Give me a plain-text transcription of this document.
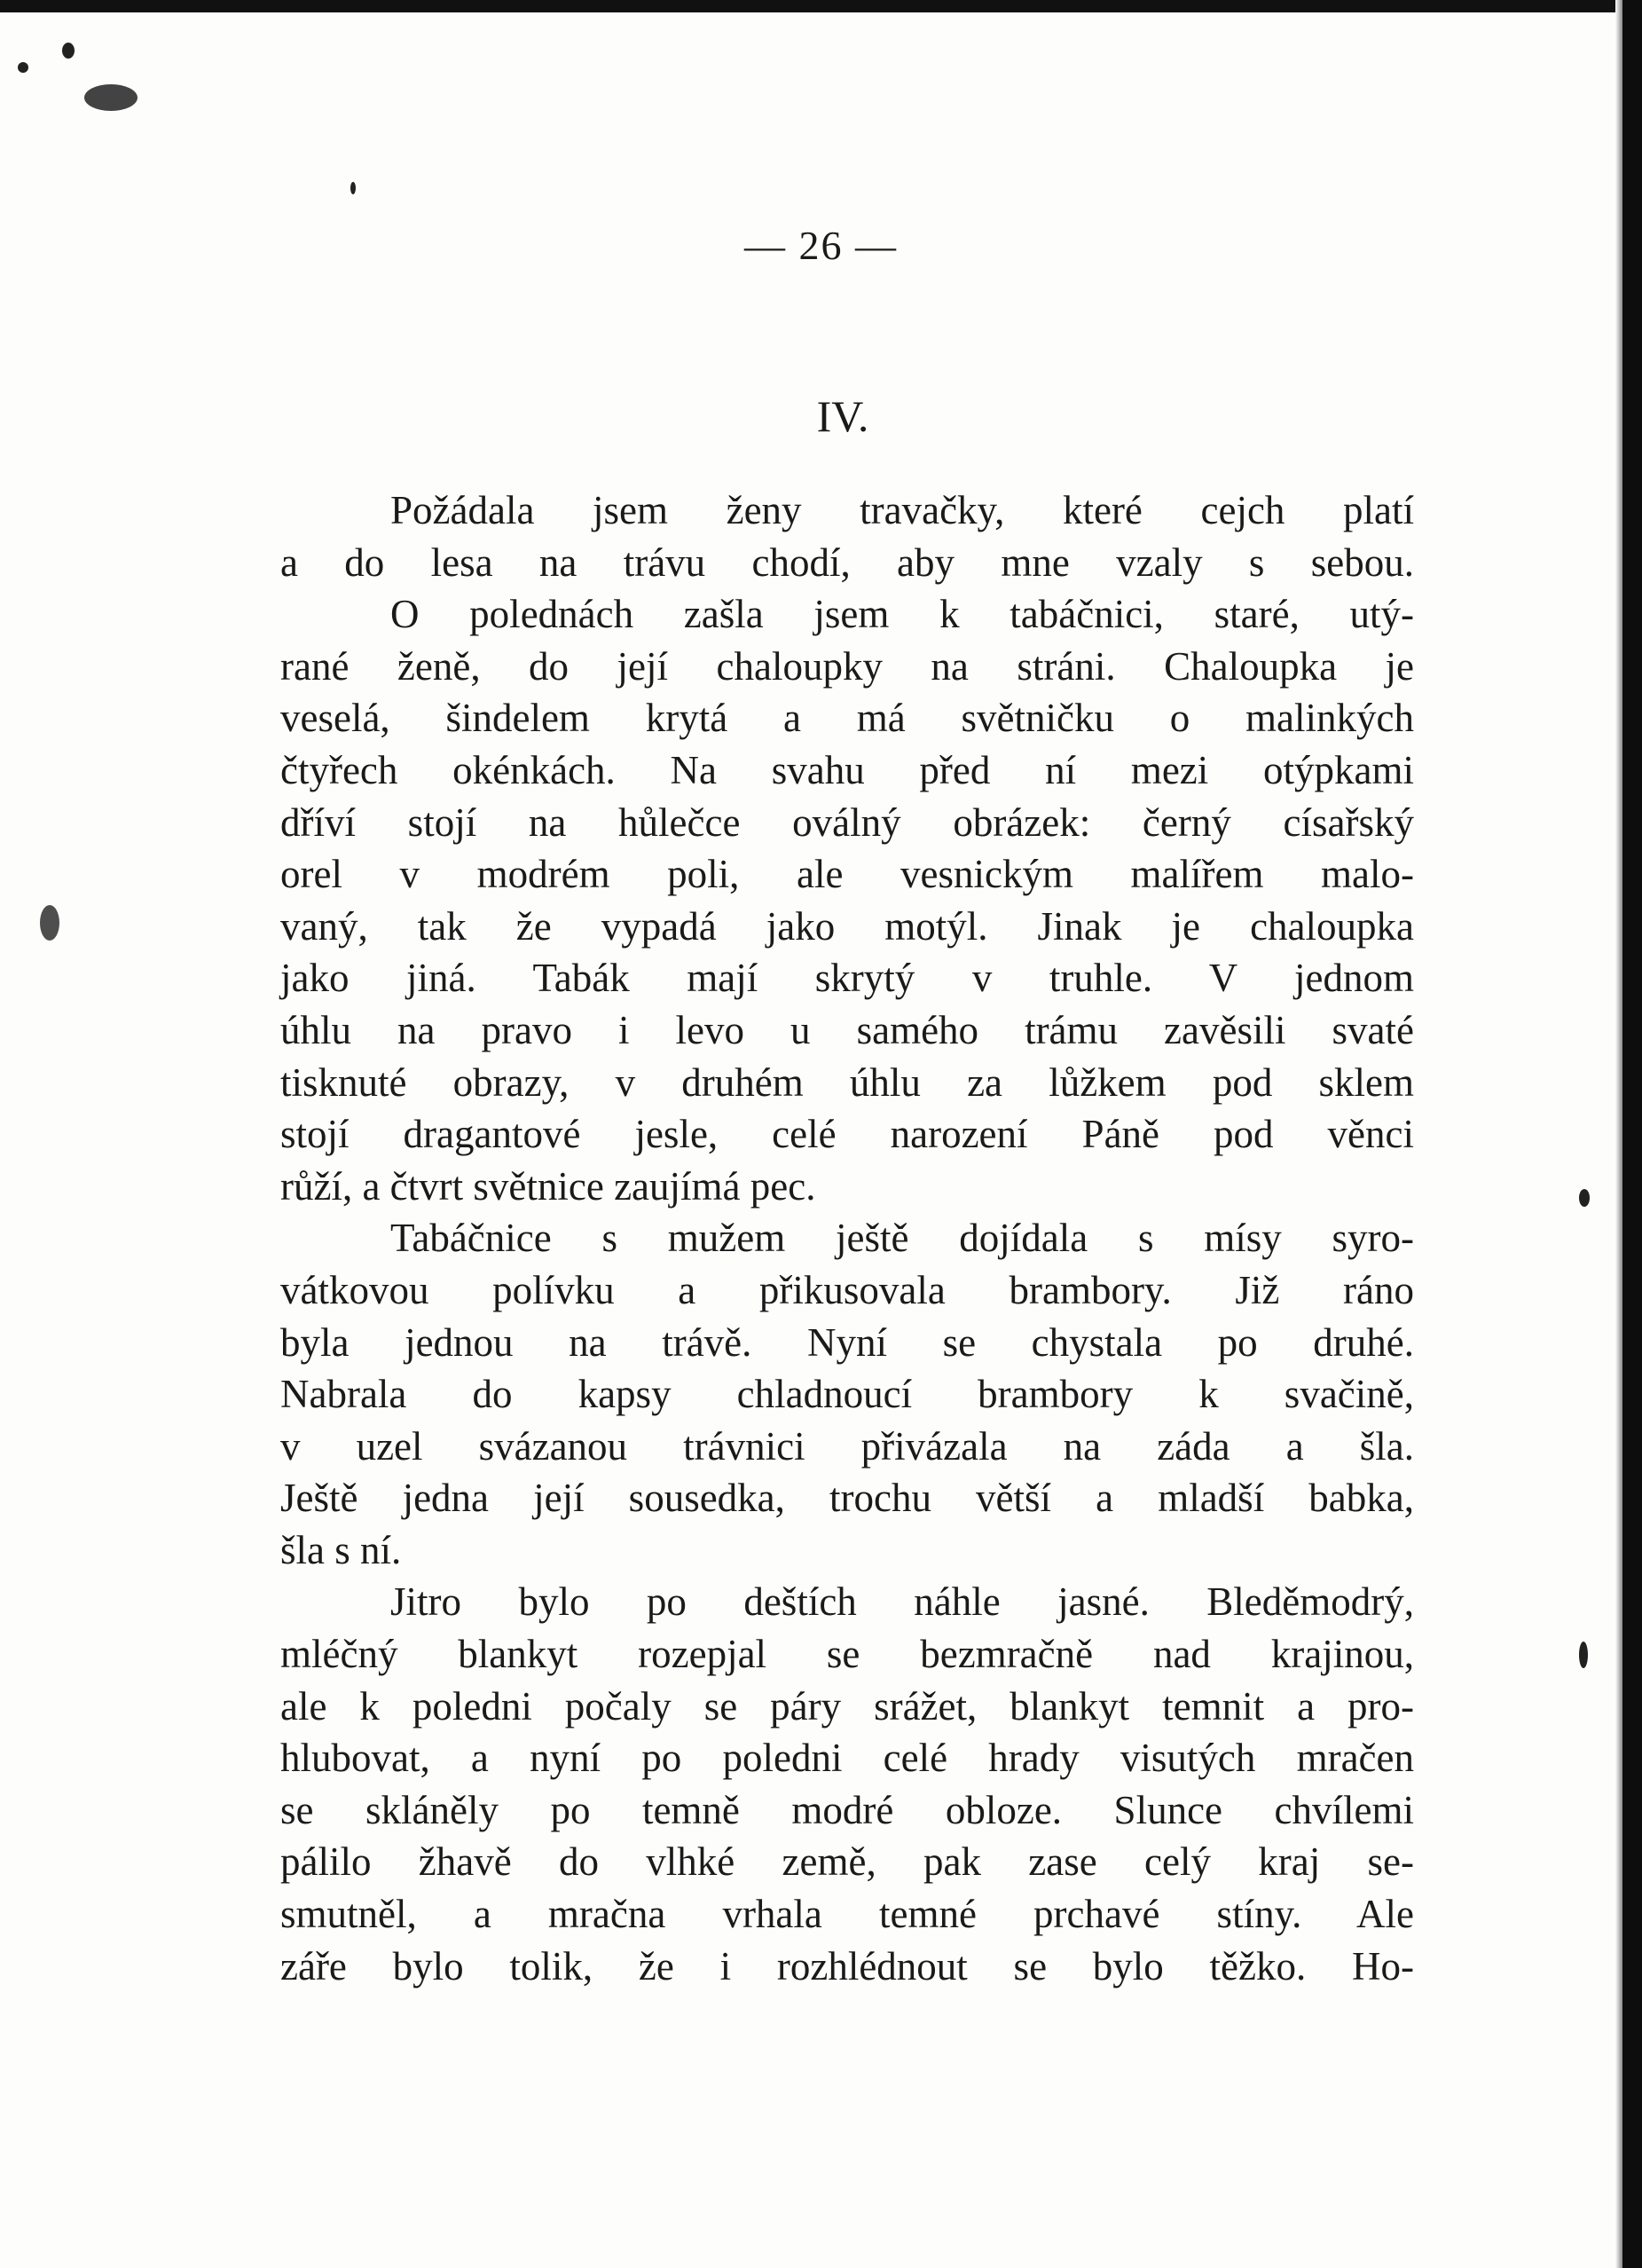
— 26 —

IV.

Požádala jsem ženy travačky, které cejch platí
a do lesa na trávu chodí, aby mne vzaly s sebou.
O polednách zašla jsem k tabáčnici, staré, utý-
rané ženě, do její chaloupky na stráni. Chaloupka je
veselá, šindelem krytá a má světničku o malinkých
čtyřech okénkách. Na svahu před ní mezi otýpkami
dříví stojí na hůlečce oválný obrázek: černý císařský
orel v modrém poli, ale vesnickým malířem malo-
vaný, tak že vypadá jako motýl. Jinak je chaloupka
jako jiná. Tabák mají skrytý v truhle. V jednom
úhlu na pravo i levo u samého trámu zavěsili svaté
tisknuté obrazy, v druhém úhlu za lůžkem pod sklem
stojí dragantové jesle, celé narození Páně pod věnci
růží, a čtvrt světnice zaujímá pec.
Tabáčnice s mužem ještě dojídala s mísy syro-
vátkovou polívku a přikusovala brambory. Již ráno
byla jednou na trávě. Nyní se chystala po druhé.
Nabrala do kapsy chladnoucí brambory k svačině,
v uzel svázanou trávnici přivázala na záda a šla.
Ještě jedna její sousedka, trochu větší a mladší babka,
šla s ní.
Jitro bylo po deštích náhle jasné. Bleděmodrý,
mléčný blankyt rozepjal se bezmračně nad krajinou,
ale k poledni počaly se páry srážet, blankyt temnit a pro-
hlubovat, a nyní po poledni celé hrady visutých mračen
se skláněly po temně modré obloze. Slunce chvílemi
pálilo žhavě do vlhké země, pak zase celý kraj se-
smutněl, a mračna vrhala temné prchavé stíny. Ale
záře bylo tolik, že i rozhlédnout se bylo těžko. Ho-
